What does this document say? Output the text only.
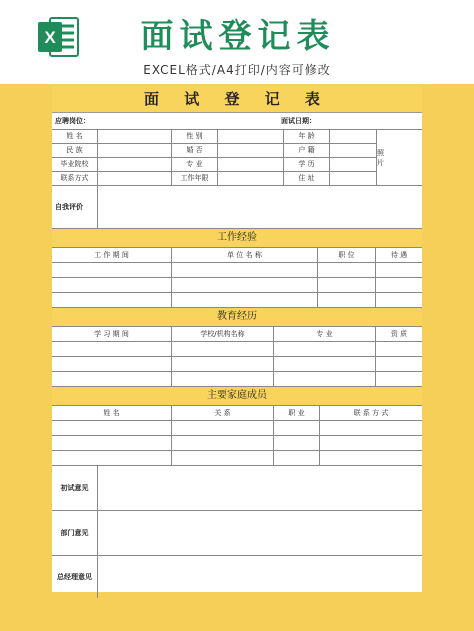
X	面试登记表
EXCEL格式/A4打印/内容可修改
面 试 登 记 表
应聘岗位：	面试日期：
姓 名	性 别	年 龄
民 族	婚 否	户 籍
毕业院校	专 业	学 历
联系方式	工作年限	住 址
照 片
自我评价
工作经验
工 作 期 间	单 位 名 称	职 位	待 遇
教育经历
学 习 期 间	学校/机构名称	专 业	资 质
主要家庭成员
姓 名	关 系	职 业	联 系 方 式
初试意见
部门意见
总经理意见
